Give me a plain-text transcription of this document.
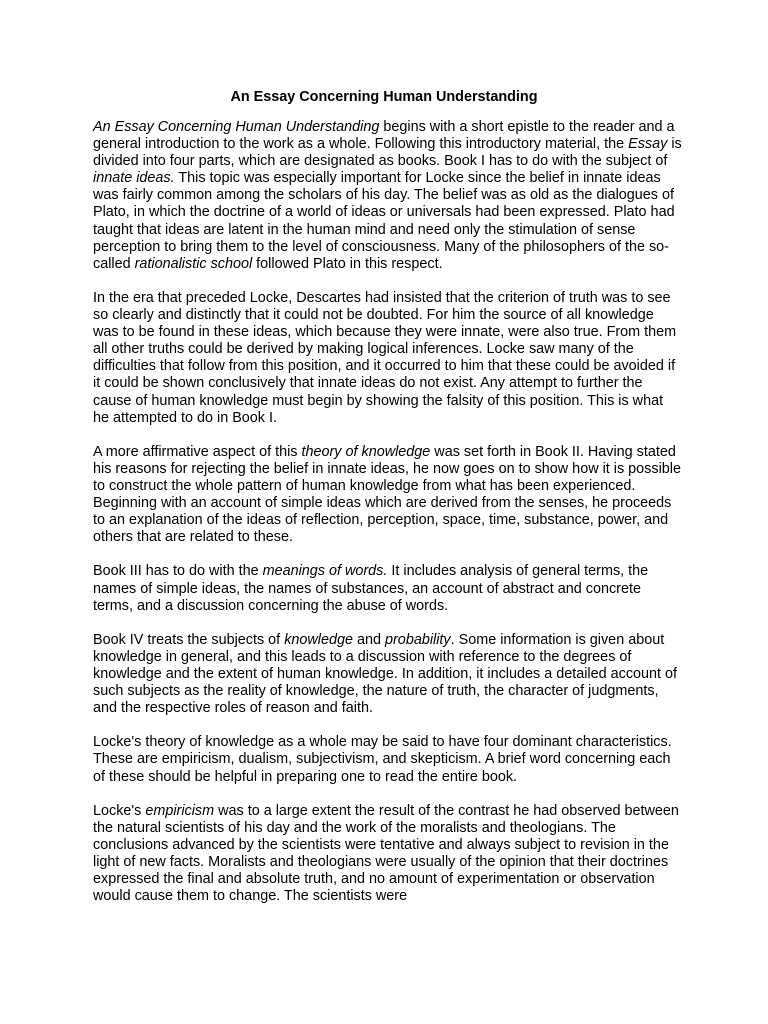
An Essay Concerning Human Understanding

An Essay Concerning Human Understanding begins with a short epistle to the reader and a general introduction to the work as a whole. Following this introductory material, the Essay is divided into four parts, which are designated as books. Book I has to do with the subject of innate ideas. This topic was especially important for Locke since the belief in innate ideas was fairly common among the scholars of his day. The belief was as old as the dialogues of Plato, in which the doctrine of a world of ideas or universals had been expressed. Plato had taught that ideas are latent in the human mind and need only the stimulation of sense perception to bring them to the level of consciousness. Many of the philosophers of the so-called rationalistic school followed Plato in this respect.

In the era that preceded Locke, Descartes had insisted that the criterion of truth was to see so clearly and distinctly that it could not be doubted. For him the source of all knowledge was to be found in these ideas, which because they were innate, were also true. From them all other truths could be derived by making logical inferences. Locke saw many of the difficulties that follow from this position, and it occurred to him that these could be avoided if it could be shown conclusively that innate ideas do not exist. Any attempt to further the cause of human knowledge must begin by showing the falsity of this position. This is what he attempted to do in Book I.

A more affirmative aspect of this theory of knowledge was set forth in Book II. Having stated his reasons for rejecting the belief in innate ideas, he now goes on to show how it is possible to construct the whole pattern of human knowledge from what has been experienced. Beginning with an account of simple ideas which are derived from the senses, he proceeds to an explanation of the ideas of reflection, perception, space, time, substance, power, and others that are related to these.

Book III has to do with the meanings of words. It includes analysis of general terms, the names of simple ideas, the names of substances, an account of abstract and concrete terms, and a discussion concerning the abuse of words.

Book IV treats the subjects of knowledge and probability. Some information is given about knowledge in general, and this leads to a discussion with reference to the degrees of knowledge and the extent of human knowledge. In addition, it includes a detailed account of such subjects as the reality of knowledge, the nature of truth, the character of judgments, and the respective roles of reason and faith.

Locke's theory of knowledge as a whole may be said to have four dominant characteristics. These are empiricism, dualism, subjectivism, and skepticism. A brief word concerning each of these should be helpful in preparing one to read the entire book.

Locke's empiricism was to a large extent the result of the contrast he had observed between the natural scientists of his day and the work of the moralists and theologians. The conclusions advanced by the scientists were tentative and always subject to revision in the light of new facts. Moralists and theologians were usually of the opinion that their doctrines expressed the final and absolute truth, and no amount of experimentation or observation would cause them to change. The scientists were
